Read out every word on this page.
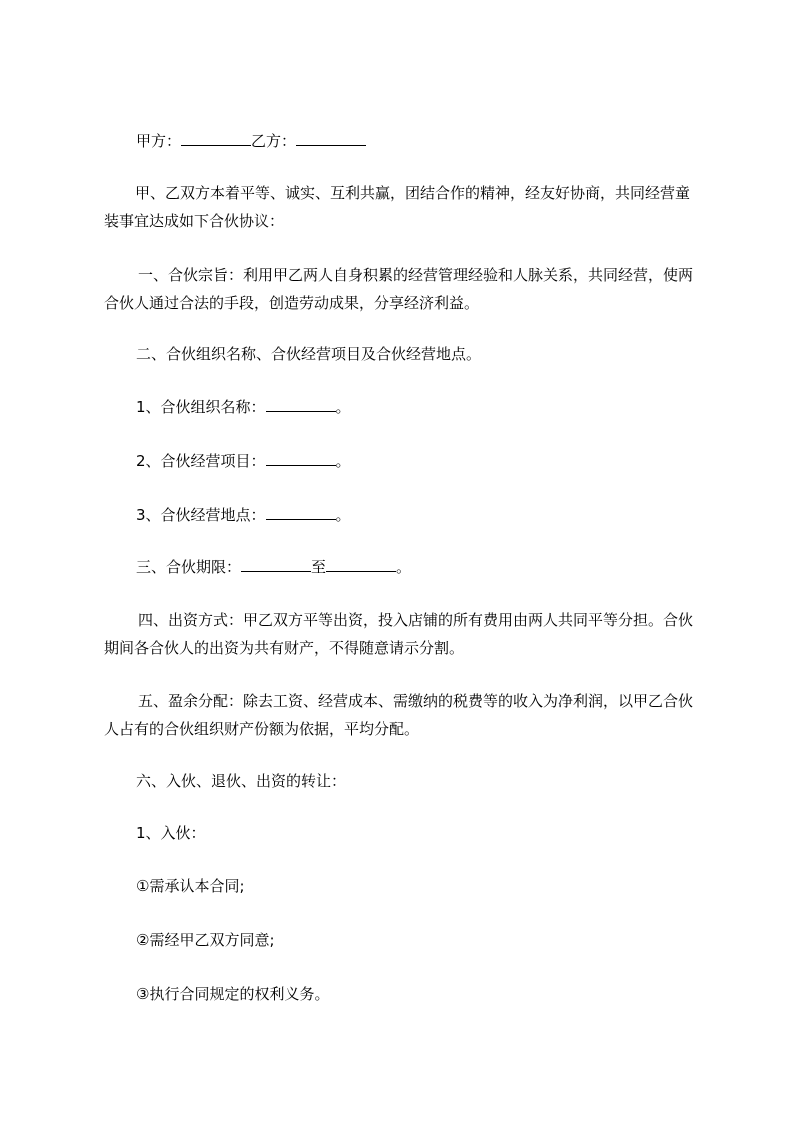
甲方：	乙方：

甲、乙双方本着平等、诚实、互利共赢，团结合作的精神，经友好协商，共同经营童装事宜达成如下合伙协议：

一、合伙宗旨：利用甲乙两人自身积累的经营管理经验和人脉关系，共同经营，使两合伙人通过合法的手段，创造劳动成果，分享经济利益。

二、合伙组织名称、合伙经营项目及合伙经营地点。

1、合伙组织名称：	。

2、合伙经营项目：	。

3、合伙经营地点：	。

三、合伙期限：	至	。

四、出资方式：甲乙双方平等出资，投入店铺的所有费用由两人共同平等分担。合伙期间各合伙人的出资为共有财产，不得随意请示分割。

五、盈余分配：除去工资、经营成本、需缴纳的税费等的收入为净利润，以甲乙合伙人占有的合伙组织财产份额为依据，平均分配。

六、入伙、退伙、出资的转让：

1、入伙：

①需承认本合同;

②需经甲乙双方同意;

③执行合同规定的权利义务。
